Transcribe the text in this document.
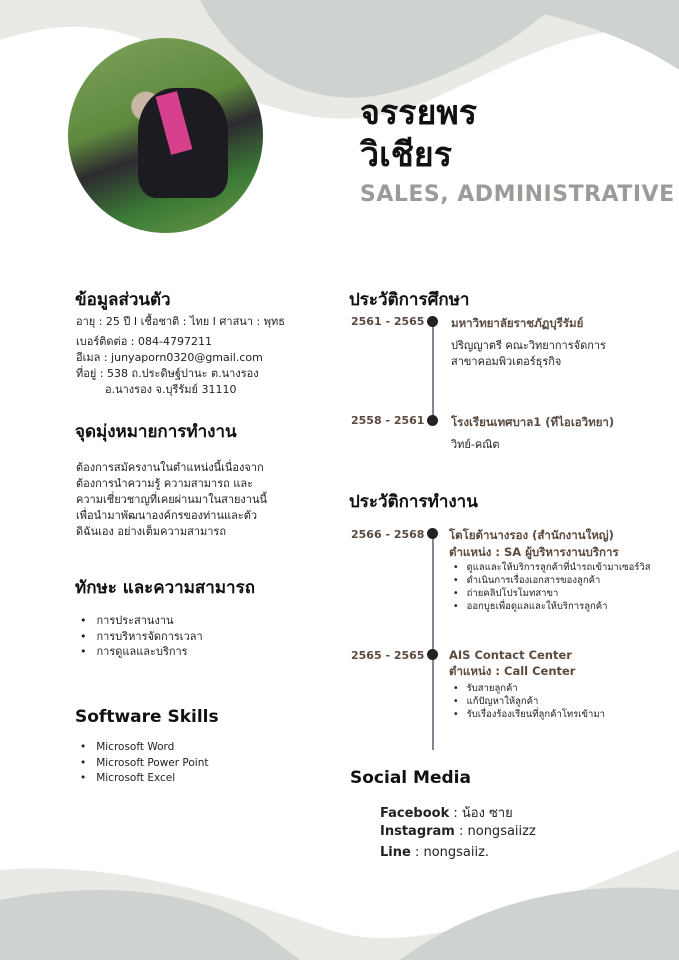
จรรยพร
วิเชียร
SALES, ADMINISTRATIVE
ข้อมูลส่วนตัว
อายุ : 25 ปี I เชื้อชาติ : ไทย I ศาสนา : พุทธ
เบอร์ติดต่อ : 084-4797211
อีเมล : junyaporn0320@gmail.com
ที่อยู่ : 538 ถ.ประดิษฐ์ปานะ ต.นางรอง
อ.นางรอง จ.บุรีรัมย์ 31110
จุดมุ่งหมายการทำงาน
ต้องการสมัครงานในตำแหน่งนี้เนื่องจาก
ต้องการนำความรู้ ความสามารถ และ
ความเชี่ยวชาญที่เคยผ่านมาในสายงานนี้
เพื่อนำมาพัฒนาองค์กรของท่านและตัว
ดิฉันเอง อย่างเต็มความสามารถ
ทักษะ และความสามารถ
• การประสานงาน
• การบริหารจัดการเวลา
• การดูแลและบริการ
Software Skills
• Microsoft Word
• Microsoft Power Point
• Microsoft Excel
ประวัติการศึกษา
2561 - 2565 มหาวิทยาลัยราชภัฏบุรีรัมย์
ปริญญาตรี คณะวิทยาการจัดการ
สาขาคอมพิวเตอร์ธุรกิจ
2558 - 2561 โรงเรียนเทศบาล1 (ทีไอเอวิทยา)
วิทย์-คณิต
ประวัติการทำงาน
2566 - 2568 โตโยต้านางรอง (สำนักงานใหญ่)
ตำแหน่ง : SA ผู้บริหารงานบริการ
• ดูแลและให้บริการลูกค้าที่นำรถเข้ามาเซอร์วิส
• ดำเนินการเรื่องเอกสารของลูกค้า
• ถ่ายคลิปโปรโมทสาขา
• ออกบูธเพื่อดูแลและให้บริการลูกค้า
2565 - 2565 AIS Contact Center
ตำแหน่ง : Call Center
• รับสายลูกค้า
• แก้ปัญหาให้ลูกค้า
• รับเรื่องร้องเรียนที่ลูกค้าโทรเข้ามา
Social Media
Facebook : น้อง ซาย
Instagram : nongsaiizz
Line : nongsaiiz.
